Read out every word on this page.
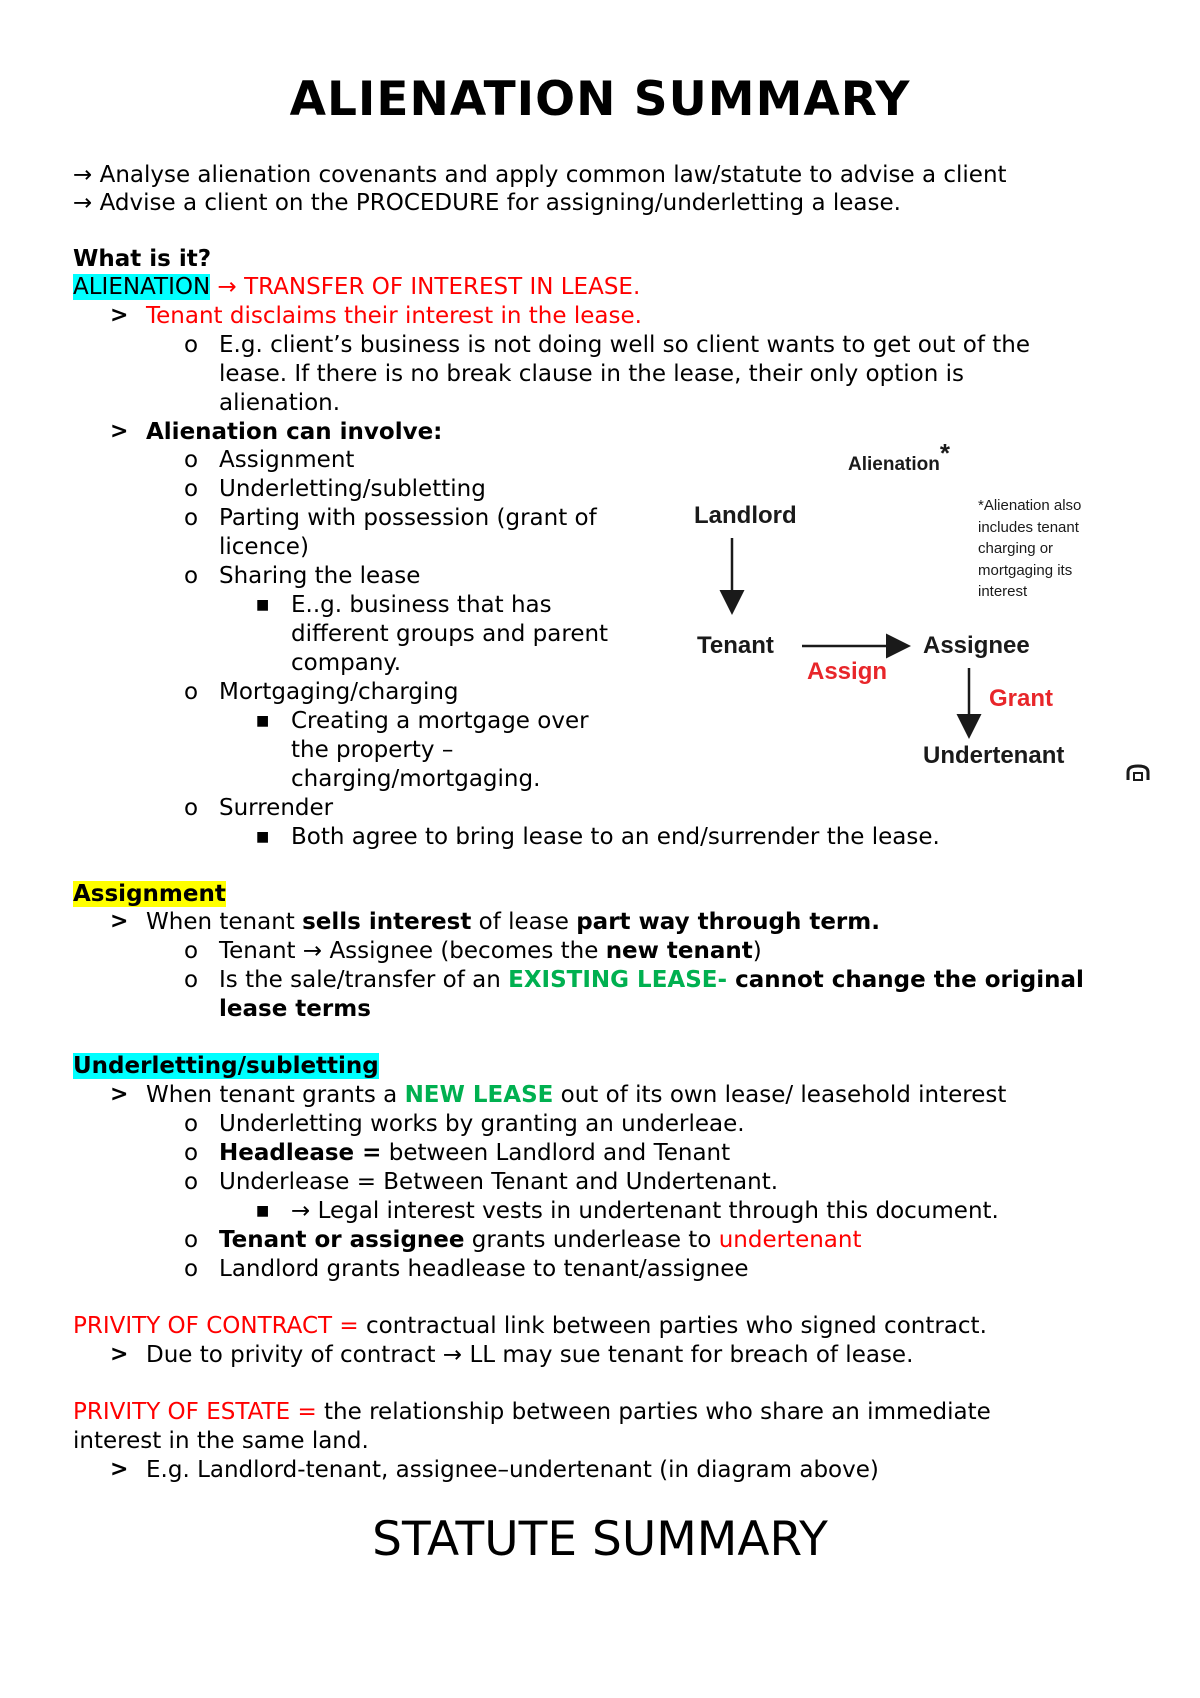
ALIENATION SUMMARY
→ Analyse alienation covenants and apply common law/statute to advise a client
→ Advise a client on the PROCEDURE for assigning/underletting a lease.
What is it?
ALIENATION → TRANSFER OF INTEREST IN LEASE.
> Tenant disclaims their interest in the lease.
o E.g. client’s business is not doing well so client wants to get out of the
lease. If there is no break clause in the lease, their only option is
alienation.
> Alienation can involve:
o Assignment
o Underletting/subletting
o Parting with possession (grant of
licence)
o Sharing the lease
■ E..g. business that has
different groups and parent
company.
o Mortgaging/charging
■ Creating a mortgage over
the property –
charging/mortgaging.
o Surrender
■ Both agree to bring lease to an end/surrender the lease.
Alienation*
*Alienation also
includes tenant
charging or
mortgaging its
interest
Landlord
Tenant	Assignee
Assign
Grant
Undertenant
Assignment
> When tenant sells interest of lease part way through term.
o Tenant → Assignee (becomes the new tenant)
o Is the sale/transfer of an EXISTING LEASE- cannot change the original
lease terms
Underletting/subletting
> When tenant grants a NEW LEASE out of its own lease/ leasehold interest
o Underletting works by granting an underleae.
o Headlease = between Landlord and Tenant
o Underlease = Between Tenant and Undertenant.
■ → Legal interest vests in undertenant through this document.
o Tenant or assignee grants underlease to undertenant
o Landlord grants headlease to tenant/assignee
PRIVITY OF CONTRACT = contractual link between parties who signed contract.
> Due to privity of contract → LL may sue tenant for breach of lease.
PRIVITY OF ESTATE = the relationship between parties who share an immediate
interest in the same land.
> E.g. Landlord-tenant, assignee–undertenant (in diagram above)
STATUTE SUMMARY
